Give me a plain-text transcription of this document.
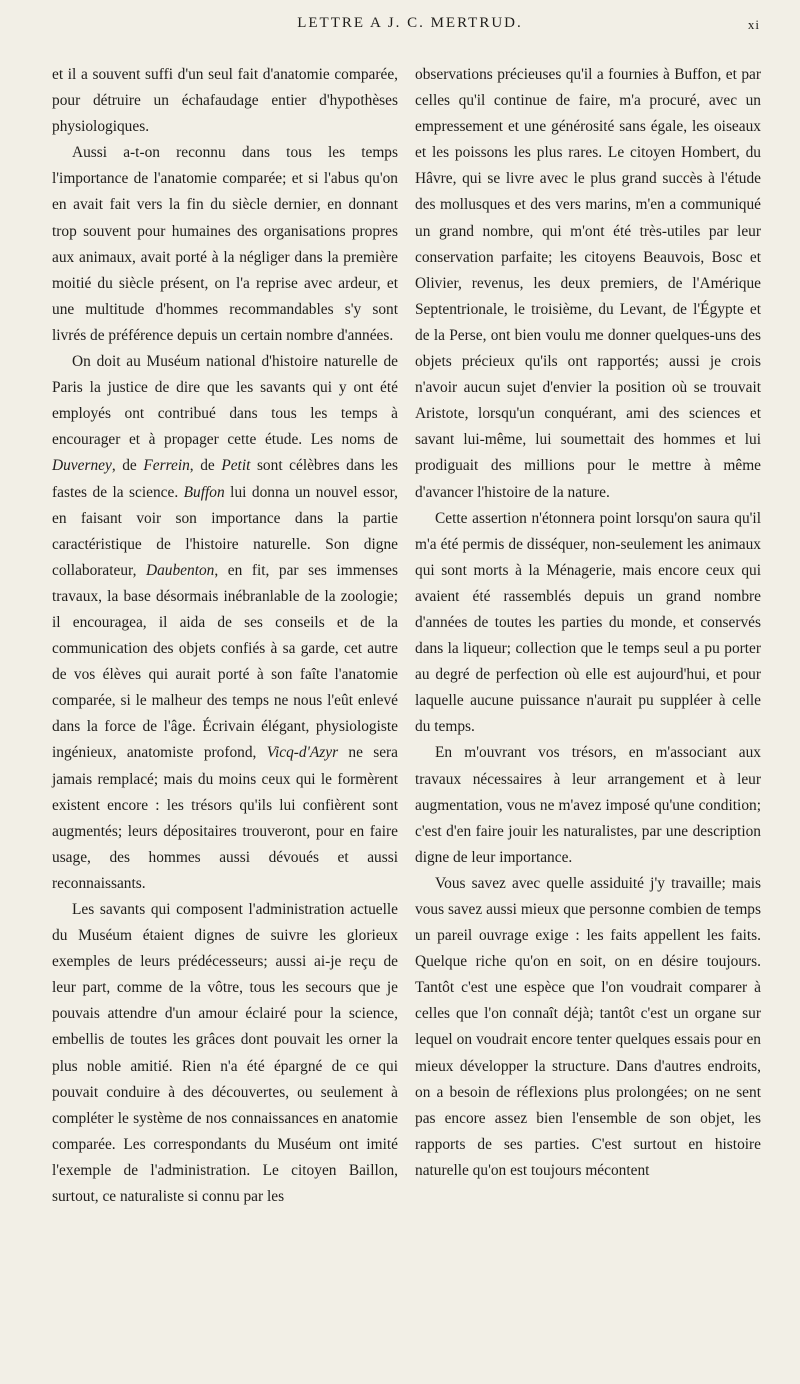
LETTRE A J. C. MERTRUD.	xi

et il a souvent suffi d'un seul fait d'anatomie comparée, pour détruire un échafaudage entier d'hypothèses physiologiques.

Aussi a-t-on reconnu dans tous les temps l'importance de l'anatomie comparée; et si l'abus qu'on en avait fait vers la fin du siècle dernier, en donnant trop souvent pour humaines des organisations propres aux animaux, avait porté à la négliger dans la première moitié du siècle présent, on l'a reprise avec ardeur, et une multitude d'hommes recommandables s'y sont livrés de préférence depuis un certain nombre d'années.

On doit au Muséum national d'histoire naturelle de Paris la justice de dire que les savants qui y ont été employés ont contribué dans tous les temps à encourager et à propager cette étude. Les noms de Duverney, de Ferrein, de Petit sont célèbres dans les fastes de la science. Buffon lui donna un nouvel essor, en faisant voir son importance dans la partie caractéristique de l'histoire naturelle. Son digne collaborateur, Daubenton, en fit, par ses immenses travaux, la base désormais inébranlable de la zoologie; il encouragea, il aida de ses conseils et de la communication des objets confiés à sa garde, cet autre de vos élèves qui aurait porté à son faîte l'anatomie comparée, si le malheur des temps ne nous l'eût enlevé dans la force de l'âge. Écrivain élégant, physiologiste ingénieux, anatomiste profond, Vicq-d'Azyr ne sera jamais remplacé; mais du moins ceux qui le formèrent existent encore : les trésors qu'ils lui confièrent sont augmentés; leurs dépositaires trouveront, pour en faire usage, des hommes aussi dévoués et aussi reconnaissants.

Les savants qui composent l'administration actuelle du Muséum étaient dignes de suivre les glorieux exemples de leurs prédécesseurs; aussi ai-je reçu de leur part, comme de la vôtre, tous les secours que je pouvais attendre d'un amour éclairé pour la science, embellis de toutes les grâces dont pouvait les orner la plus noble amitié. Rien n'a été épargné de ce qui pouvait conduire à des découvertes, ou seulement à compléter le système de nos connaissances en anatomie comparée. Les correspondants du Muséum ont imité l'exemple de l'administration. Le citoyen Baillon, surtout, ce naturaliste si connu par les

observations précieuses qu'il a fournies à Buffon, et par celles qu'il continue de faire, m'a procuré, avec un empressement et une générosité sans égale, les oiseaux et les poissons les plus rares. Le citoyen Hombert, du Hâvre, qui se livre avec le plus grand succès à l'étude des mollusques et des vers marins, m'en a communiqué un grand nombre, qui m'ont été très-utiles par leur conservation parfaite; les citoyens Beauvois, Bosc et Olivier, revenus, les deux premiers, de l'Amérique Septentrionale, le troisième, du Levant, de l'Égypte et de la Perse, ont bien voulu me donner quelques-uns des objets précieux qu'ils ont rapportés; aussi je crois n'avoir aucun sujet d'envier la position où se trouvait Aristote, lorsqu'un conquérant, ami des sciences et savant lui-même, lui soumettait des hommes et lui prodiguait des millions pour le mettre à même d'avancer l'histoire de la nature.

Cette assertion n'étonnera point lorsqu'on saura qu'il m'a été permis de disséquer, non-seulement les animaux qui sont morts à la Ménagerie, mais encore ceux qui avaient été rassemblés depuis un grand nombre d'années de toutes les parties du monde, et conservés dans la liqueur; collection que le temps seul a pu porter au degré de perfection où elle est aujourd'hui, et pour laquelle aucune puissance n'aurait pu suppléer à celle du temps.

En m'ouvrant vos trésors, en m'associant aux travaux nécessaires à leur arrangement et à leur augmentation, vous ne m'avez imposé qu'une condition; c'est d'en faire jouir les naturalistes, par une description digne de leur importance.

Vous savez avec quelle assiduité j'y travaille; mais vous savez aussi mieux que personne combien de temps un pareil ouvrage exige : les faits appellent les faits. Quelque riche qu'on en soit, on en désire toujours. Tantôt c'est une espèce que l'on voudrait comparer à celles que l'on connaît déjà; tantôt c'est un organe sur lequel on voudrait encore tenter quelques essais pour en mieux développer la structure. Dans d'autres endroits, on a besoin de réflexions plus prolongées; on ne sent pas encore assez bien l'ensemble de son objet, les rapports de ses parties. C'est surtout en histoire naturelle qu'on est toujours mécontent
